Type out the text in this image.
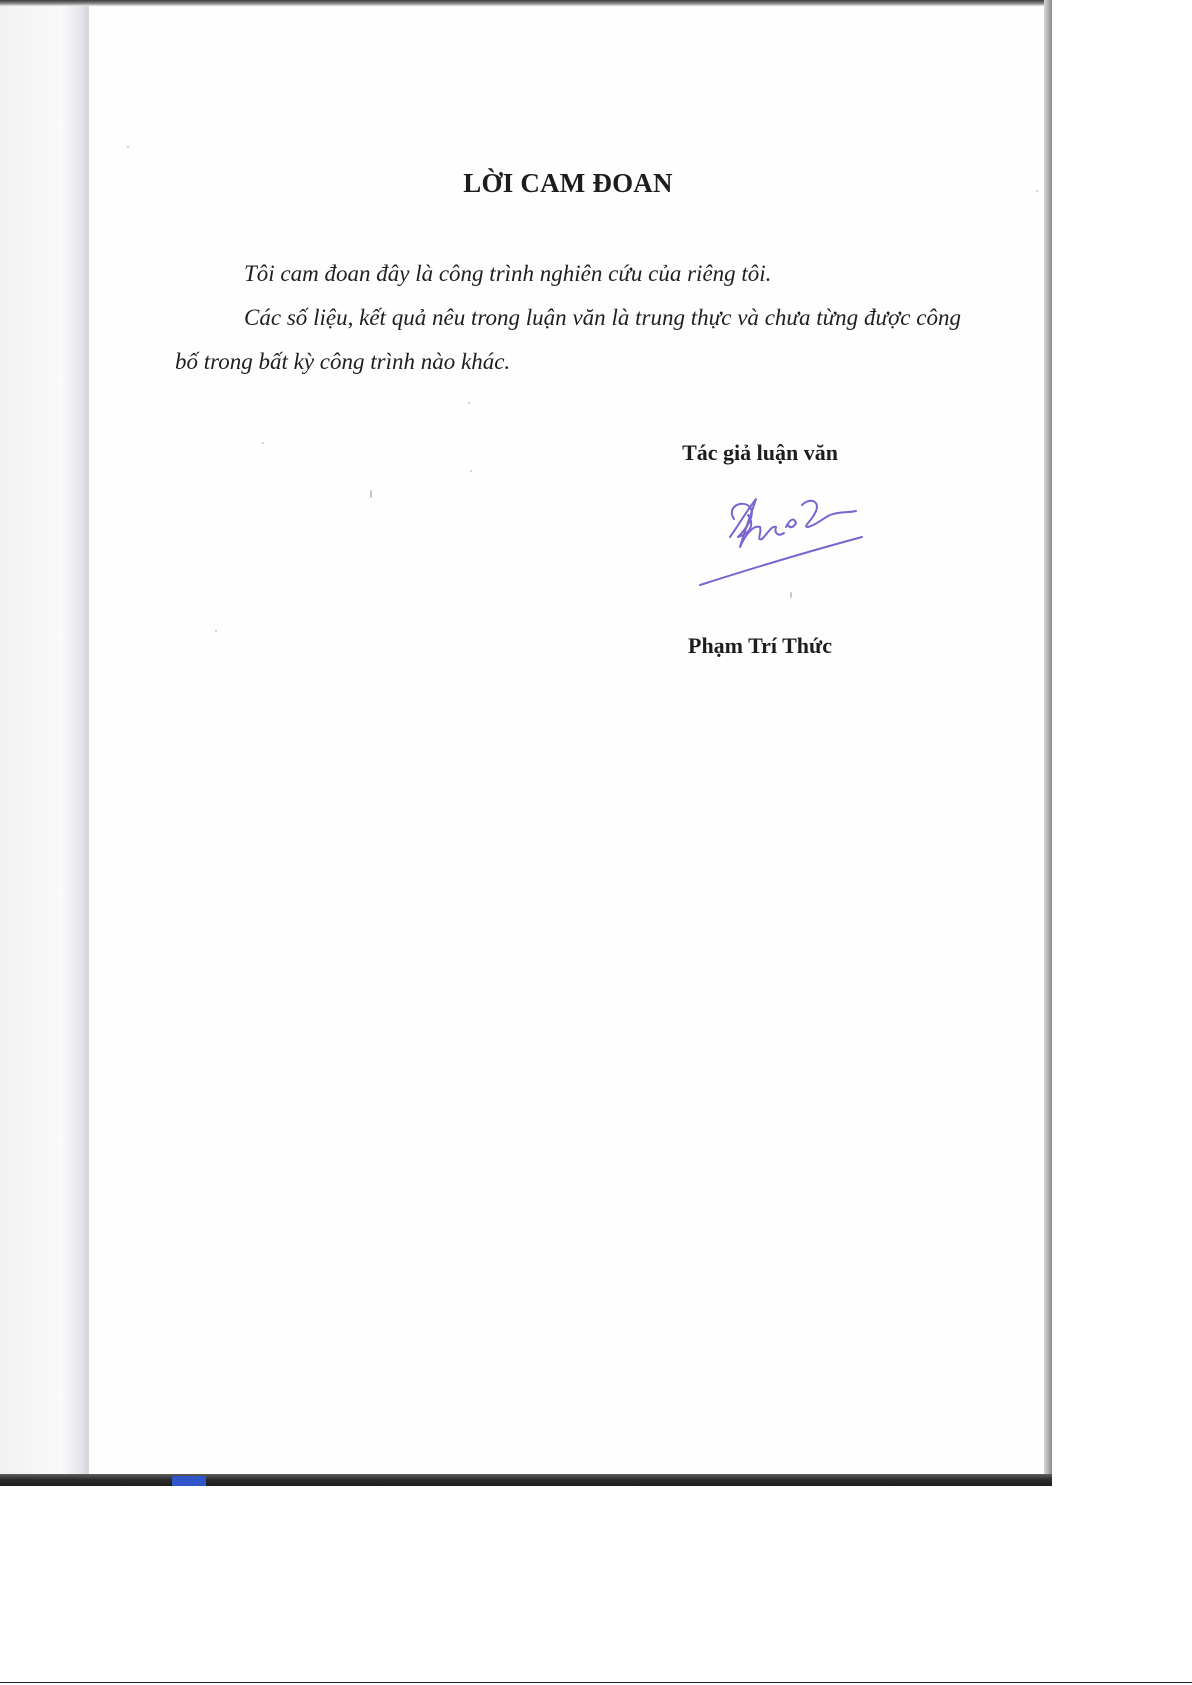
LỜI CAM ĐOAN

Tôi cam đoan đây là công trình nghiên cứu của riêng tôi.

Các số liệu, kết quả nêu trong luận văn là trung thực và chưa từng được công bố trong bất kỳ công trình nào khác.

Tác giả luận văn
Phạm Trí Thức
